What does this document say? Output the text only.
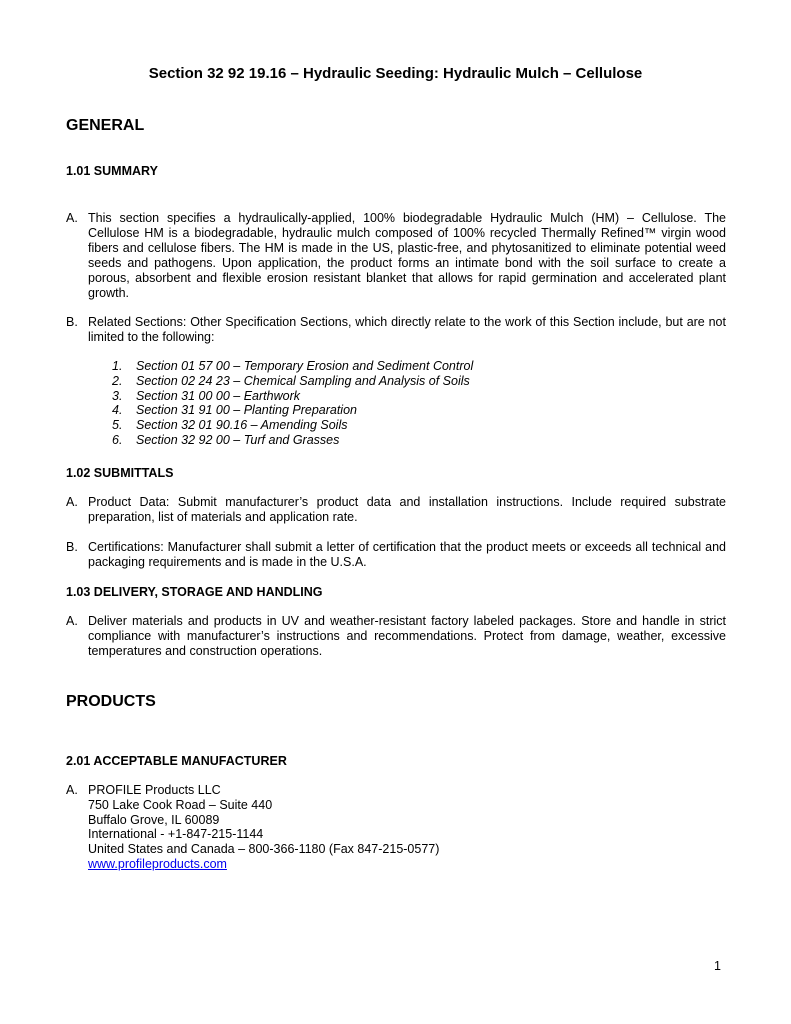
Section 32 92 19.16 – Hydraulic Seeding: Hydraulic Mulch – Cellulose
GENERAL
1.01 SUMMARY
A. This section specifies a hydraulically-applied, 100% biodegradable Hydraulic Mulch (HM) – Cellulose. The Cellulose HM is a biodegradable, hydraulic mulch composed of 100% recycled Thermally Refined™ virgin wood fibers and cellulose fibers. The HM is made in the US, plastic-free, and phytosanitized to eliminate potential weed seeds and pathogens. Upon application, the product forms an intimate bond with the soil surface to create a porous, absorbent and flexible erosion resistant blanket that allows for rapid germination and accelerated plant growth.
B. Related Sections: Other Specification Sections, which directly relate to the work of this Section include, but are not limited to the following:
1. Section 01 57 00 – Temporary Erosion and Sediment Control
2. Section 02 24 23 – Chemical Sampling and Analysis of Soils
3. Section 31 00 00 – Earthwork
4. Section 31 91 00 – Planting Preparation
5. Section 32 01 90.16 – Amending Soils
6. Section 32 92 00 – Turf and Grasses
1.02 SUBMITTALS
A. Product Data: Submit manufacturer’s product data and installation instructions. Include required substrate preparation, list of materials and application rate.
B. Certifications: Manufacturer shall submit a letter of certification that the product meets or exceeds all technical and packaging requirements and is made in the U.S.A.
1.03 DELIVERY, STORAGE AND HANDLING
A. Deliver materials and products in UV and weather-resistant factory labeled packages. Store and handle in strict compliance with manufacturer’s instructions and recommendations. Protect from damage, weather, excessive temperatures and construction operations.
PRODUCTS
2.01 ACCEPTABLE MANUFACTURER
A. PROFILE Products LLC
750 Lake Cook Road – Suite 440
Buffalo Grove, IL 60089
International - +1-847-215-1144
United States and Canada – 800-366-1180 (Fax 847-215-0577)
www.profileproducts.com
1
